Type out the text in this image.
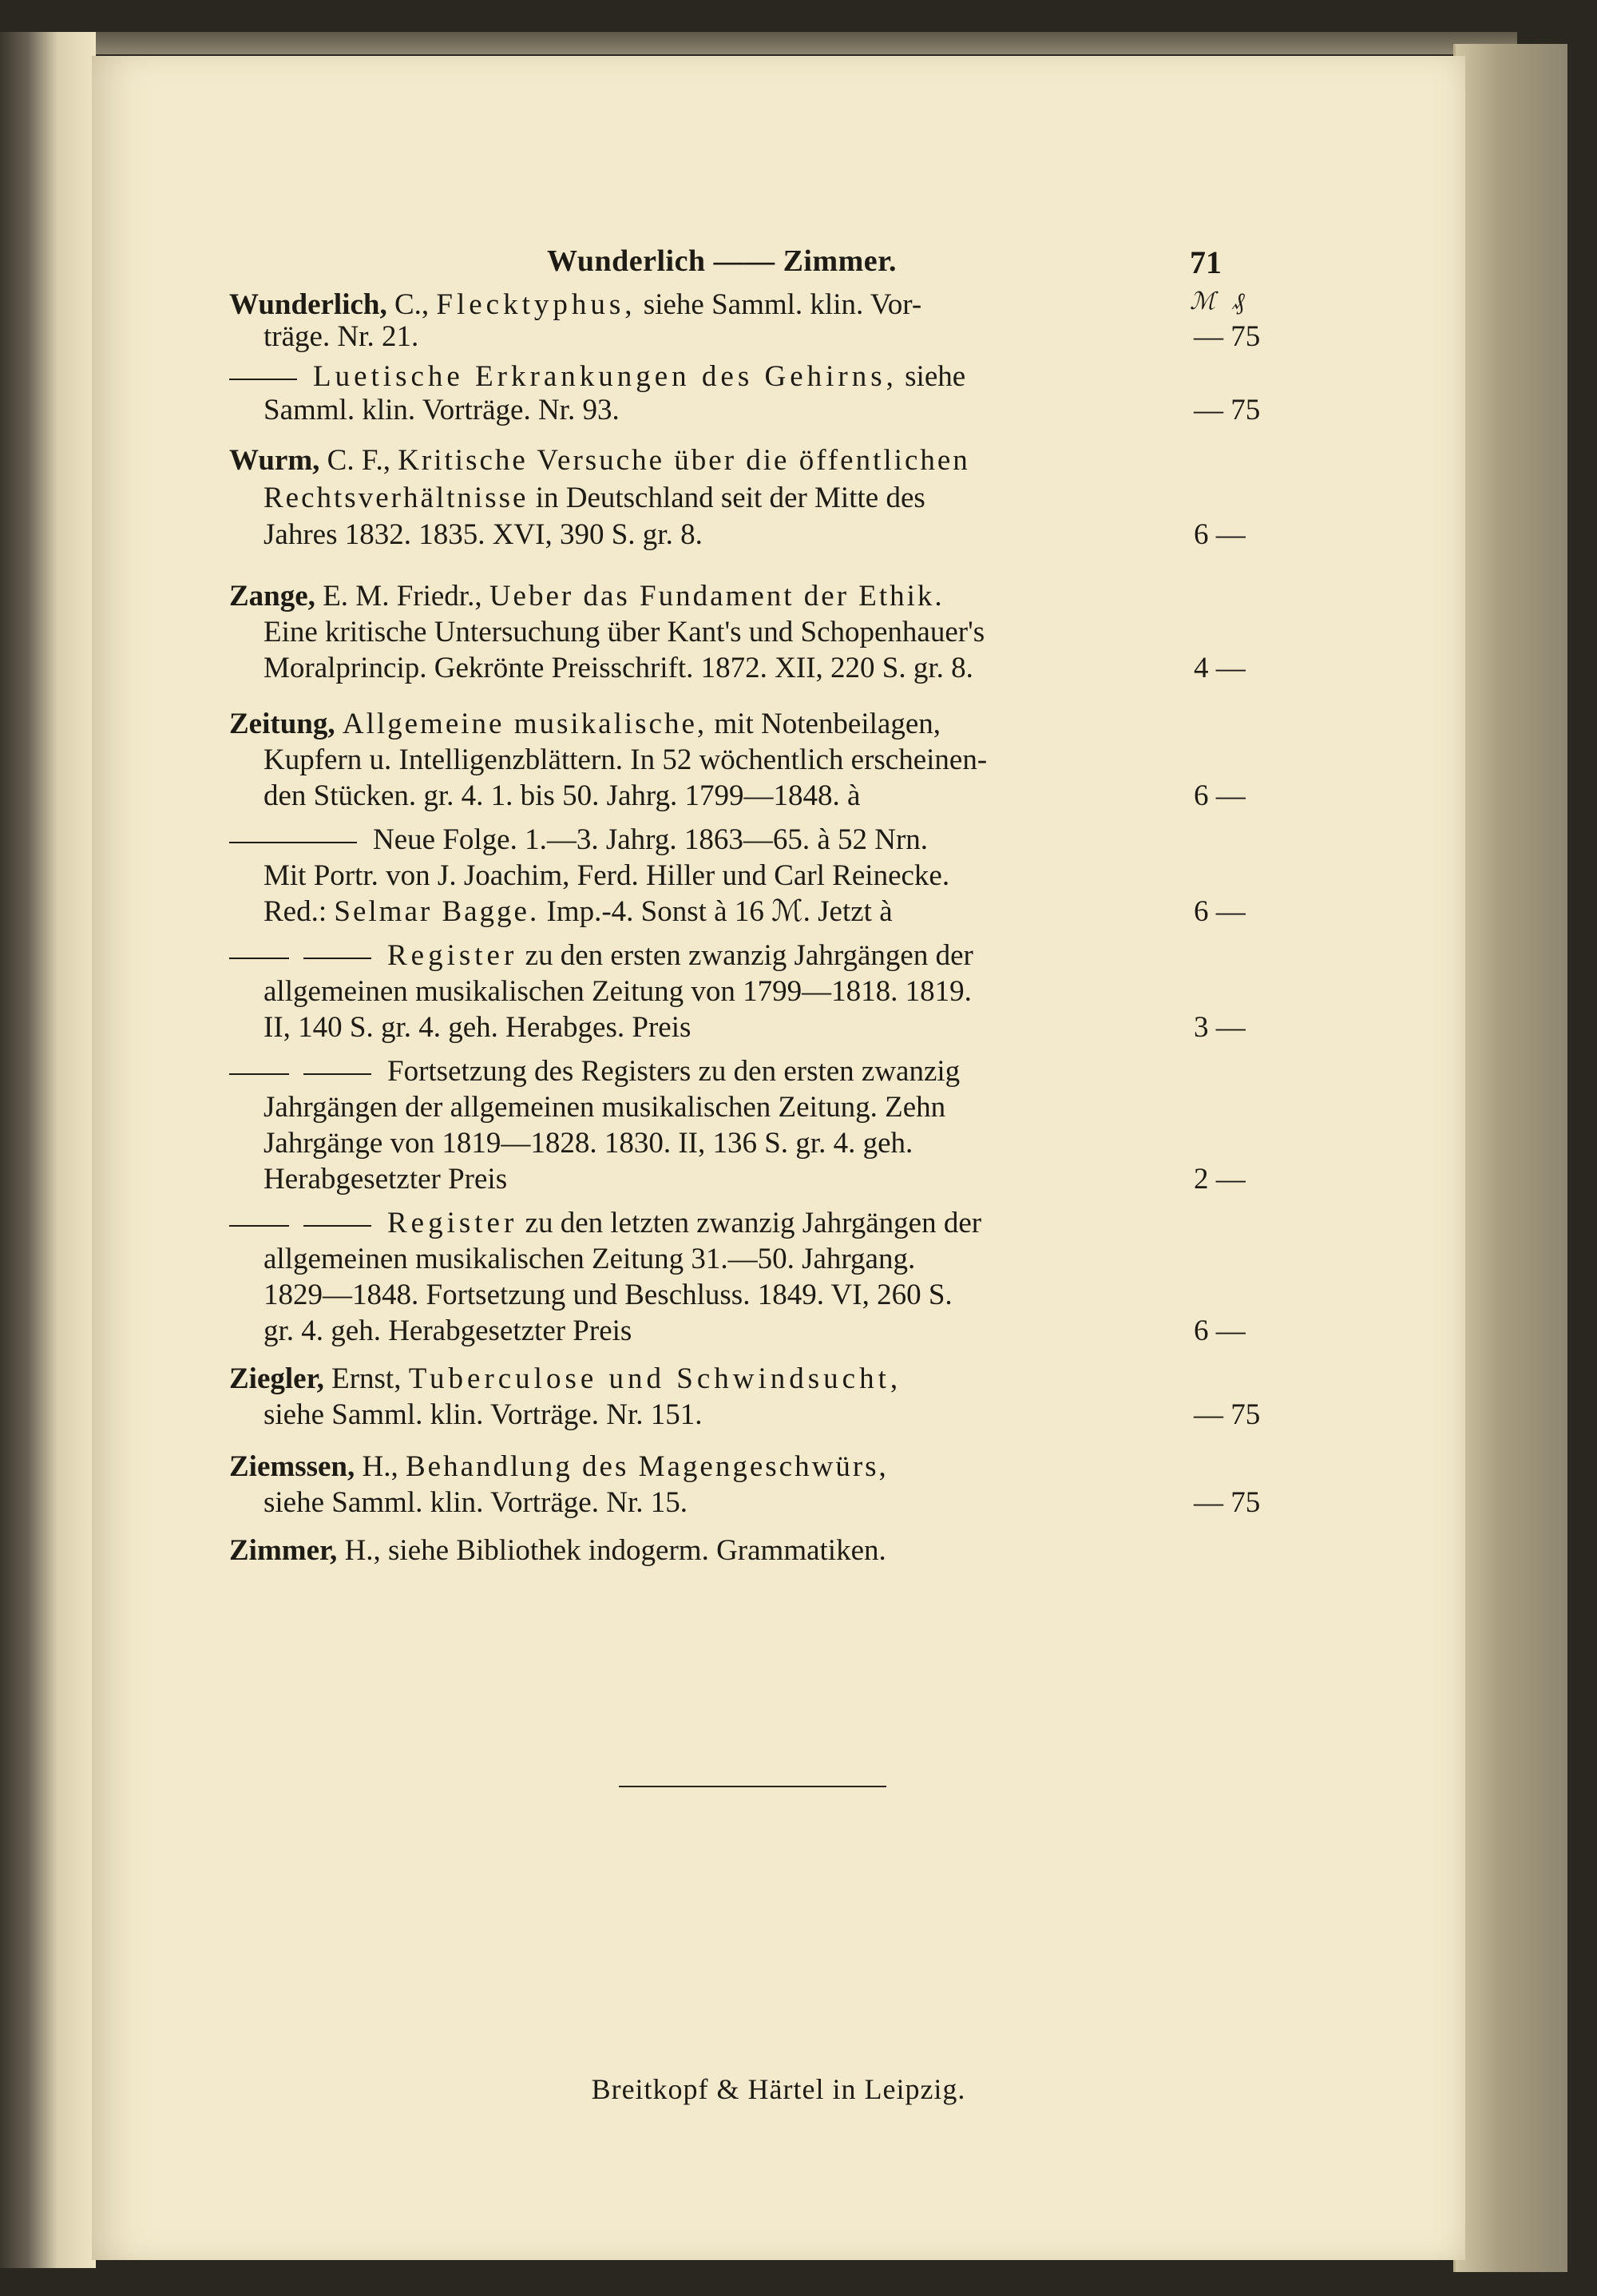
Wunderlich —— Zimmer.	71
ℳ ₰
Wunderlich, C., Flecktyphus, siehe Samml. klin. Vor-
träge. Nr. 21.
Luetische Erkrankungen des Gehirns, siehe
Samml. klin. Vorträge. Nr. 93.
Wurm, C. F., Kritische Versuche über die öffentlichen
Rechtsverhältnisse in Deutschland seit der Mitte des
Jahres 1832. 1835. XVI, 390 S. gr. 8.
Zange, E. M. Friedr., Ueber das Fundament der Ethik.
Eine kritische Untersuchung über Kant's und Schopenhauer's
Moralprincip. Gekrönte Preisschrift. 1872. XII, 220 S. gr. 8.
Zeitung, Allgemeine musikalische, mit Notenbeilagen,
Kupfern u. Intelligenzblättern. In 52 wöchentlich erscheinen-
den Stücken. gr. 4. 1. bis 50. Jahrg. 1799—1848. à
Neue Folge. 1.—3. Jahrg. 1863—65. à 52 Nrn.
Mit Portr. von J. Joachim, Ferd. Hiller und Carl Reinecke.
Red.: Selmar Bagge. Imp.-4. Sonst à 16 ℳ. Jetzt à
Register zu den ersten zwanzig Jahrgängen der
allgemeinen musikalischen Zeitung von 1799—1818. 1819.
II, 140 S. gr. 4. geh. Herabges. Preis
Fortsetzung des Registers zu den ersten zwanzig
Jahrgängen der allgemeinen musikalischen Zeitung. Zehn
Jahrgänge von 1819—1828. 1830. II, 136 S. gr. 4. geh.
Herabgesetzter Preis
Register zu den letzten zwanzig Jahrgängen der
allgemeinen musikalischen Zeitung 31.—50. Jahrgang.
1829—1848. Fortsetzung und Beschluss. 1849. VI, 260 S.
gr. 4. geh. Herabgesetzter Preis
Ziegler, Ernst, Tuberculose und Schwindsucht,
siehe Samml. klin. Vorträge. Nr. 151.
Ziemssen, H., Behandlung des Magengeschwürs,
siehe Samml. klin. Vorträge. Nr. 15.
Zimmer, H., siehe Bibliothek indogerm. Grammatiken.
— 75
— 75
6 —
4 —
6 —
6 —
3 —
2 —
6 —
— 75
— 75
Breitkopf & Härtel in Leipzig.
